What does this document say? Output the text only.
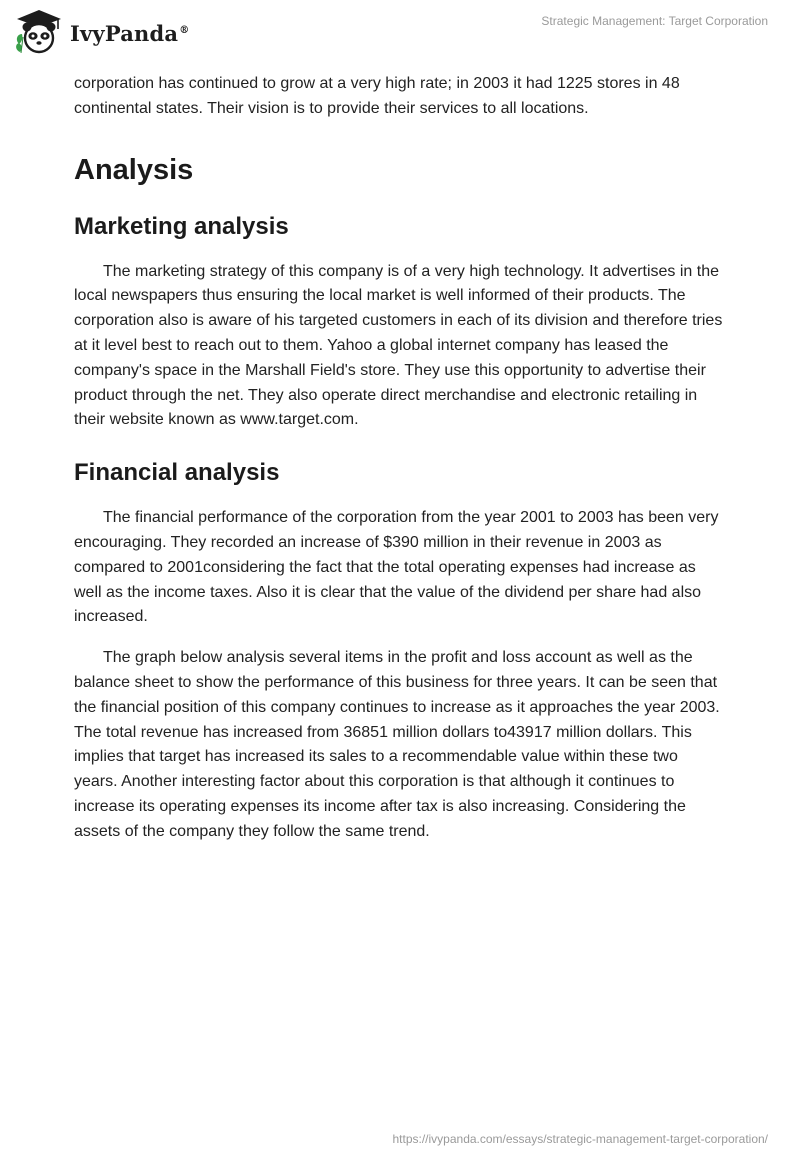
IvyPanda®
Strategic Management: Target Corporation

corporation has continued to grow at a very high rate; in 2003 it had 1225 stores in 48 continental states. Their vision is to provide their services to all locations.

Analysis
Marketing analysis

The marketing strategy of this company is of a very high technology. It advertises in the local newspapers thus ensuring the local market is well informed of their products. The corporation also is aware of his targeted customers in each of its division and therefore tries at it level best to reach out to them. Yahoo a global internet company has leased the company's space in the Marshall Field's store. They use this opportunity to advertise their product through the net. They also operate direct merchandise and electronic retailing in their website known as www.target.com.

Financial analysis

The financial performance of the corporation from the year 2001 to 2003 has been very encouraging. They recorded an increase of $390 million in their revenue in 2003 as compared to 2001considering the fact that the total operating expenses had increase as well as the income taxes. Also it is clear that the value of the dividend per share had also increased.

The graph below analysis several items in the profit and loss account as well as the balance sheet to show the performance of this business for three years. It can be seen that the financial position of this company continues to increase as it approaches the year 2003. The total revenue has increased from 36851 million dollars to43917 million dollars. This implies that target has increased its sales to a recommendable value within these two years. Another interesting factor about this corporation is that although it continues to increase its operating expenses its income after tax is also increasing. Considering the assets of the company they follow the same trend.

https://ivypanda.com/essays/strategic-management-target-corporation/
